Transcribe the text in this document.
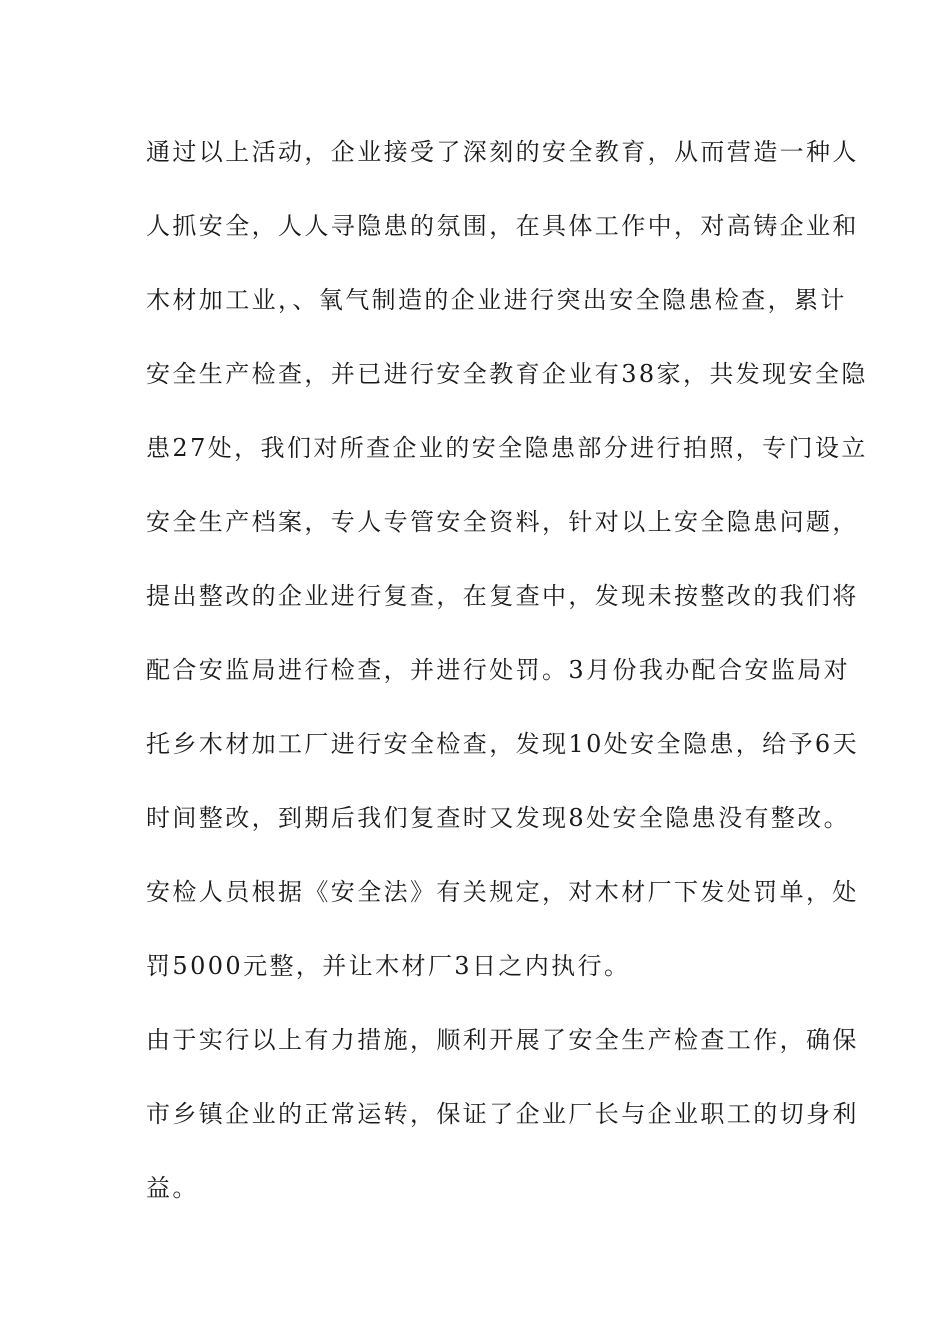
通过以上活动，企业接受了深刻的安全教育，从而营造一种人
人抓安全，人人寻隐患的氛围，在具体工作中，对高铸企业和
木材加工业，、氧气制造的企业进行突出安全隐患检查，累计
安全生产检查，并已进行安全教育企业有38家，共发现安全隐
患27处，我们对所查企业的安全隐患部分进行拍照，专门设立
安全生产档案，专人专管安全资料，针对以上安全隐患问题，
提出整改的企业进行复查，在复查中，发现未按整改的我们将
配合安监局进行检查，并进行处罚。3月份我办配合安监局对
托乡木材加工厂进行安全检查，发现10处安全隐患，给予6天
时间整改，到期后我们复查时又发现8处安全隐患没有整改。
安检人员根据《安全法》有关规定，对木材厂下发处罚单，处
罚5000元整，并让木材厂3日之内执行。
由于实行以上有力措施，顺利开展了安全生产检查工作，确保
市乡镇企业的正常运转，保证了企业厂长与企业职工的切身利
益。
